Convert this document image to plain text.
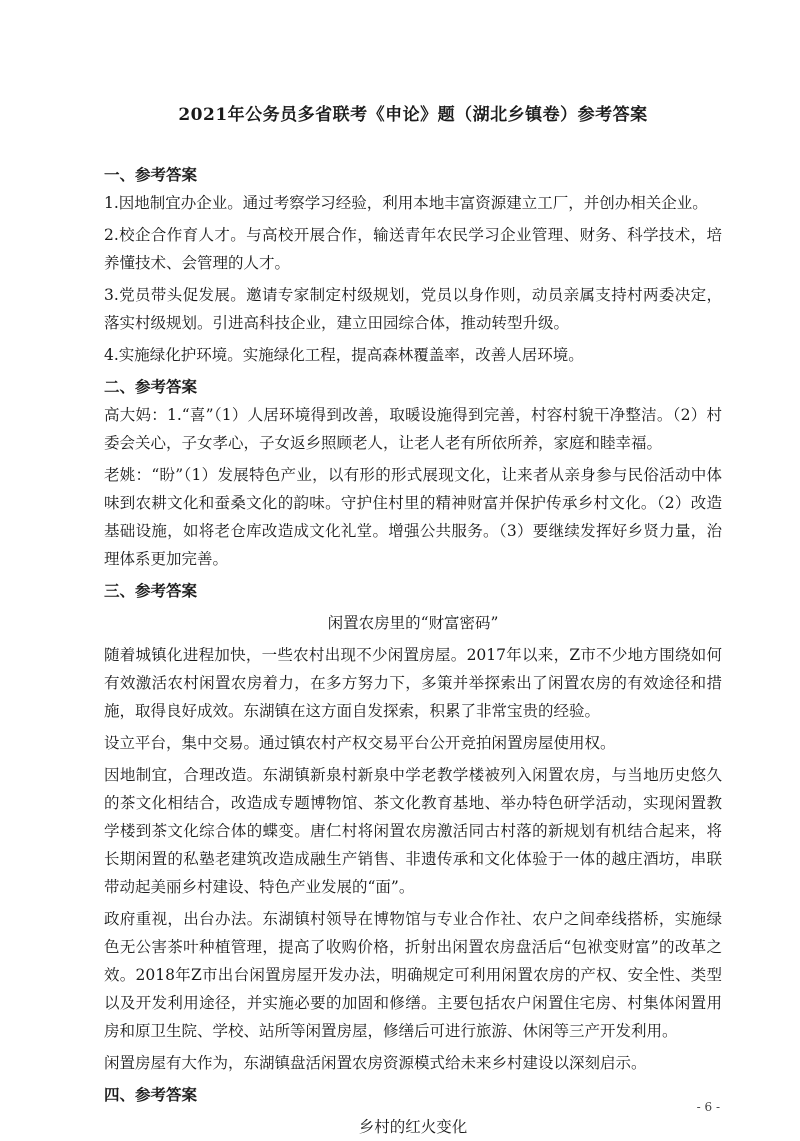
2021年公务员多省联考《申论》题（湖北乡镇卷）参考答案

一、参考答案

1.因地制宜办企业。通过考察学习经验，利用本地丰富资源建立工厂，并创办相关企业。

2.校企合作育人才。与高校开展合作，输送青年农民学习企业管理、财务、科学技术，培养懂技术、会管理的人才。

3.党员带头促发展。邀请专家制定村级规划，党员以身作则，动员亲属支持村两委决定，落实村级规划。引进高科技企业，建立田园综合体，推动转型升级。

4.实施绿化护环境。实施绿化工程，提高森林覆盖率，改善人居环境。

二、参考答案

高大妈：1.“喜”（1）人居环境得到改善，取暖设施得到完善，村容村貌干净整洁。（2）村委会关心，子女孝心，子女返乡照顾老人，让老人老有所依所养，家庭和睦幸福。

老姚：“盼”（1）发展特色产业，以有形的形式展现文化，让来者从亲身参与民俗活动中体味到农耕文化和蚕桑文化的韵味。守护住村里的精神财富并保护传承乡村文化。（2）改造基础设施，如将老仓库改造成文化礼堂。增强公共服务。（3）要继续发挥好乡贤力量，治理体系更加完善。

三、参考答案

闲置农房里的“财富密码”

随着城镇化进程加快，一些农村出现不少闲置房屋。2017年以来，Z市不少地方围绕如何有效激活农村闲置农房着力，在多方努力下，多策并举探索出了闲置农房的有效途径和措施，取得良好成效。东湖镇在这方面自发探索，积累了非常宝贵的经验。

设立平台，集中交易。通过镇农村产权交易平台公开竞拍闲置房屋使用权。

因地制宜，合理改造。东湖镇新泉村新泉中学老教学楼被列入闲置农房，与当地历史悠久的茶文化相结合，改造成专题博物馆、茶文化教育基地、举办特色研学活动，实现闲置教学楼到茶文化综合体的蝶变。唐仁村将闲置农房激活同古村落的新规划有机结合起来，将长期闲置的私塾老建筑改造成融生产销售、非遗传承和文化体验于一体的越庄酒坊，串联带动起美丽乡村建设、特色产业发展的“面”。

政府重视，出台办法。东湖镇村领导在博物馆与专业合作社、农户之间牵线搭桥，实施绿色无公害茶叶种植管理，提高了收购价格，折射出闲置农房盘活后“包袱变财富”的改革之效。2018年Z市出台闲置房屋开发办法，明确规定可利用闲置农房的产权、安全性、类型以及开发利用途径，并实施必要的加固和修缮。主要包括农户闲置住宅房、村集体闲置用房和原卫生院、学校、站所等闲置房屋，修缮后可进行旅游、休闲等三产开发利用。

闲置房屋有大作为，东湖镇盘活闲置农房资源模式给未来乡村建设以深刻启示。

四、参考答案

乡村的红火变化

- 6 -
